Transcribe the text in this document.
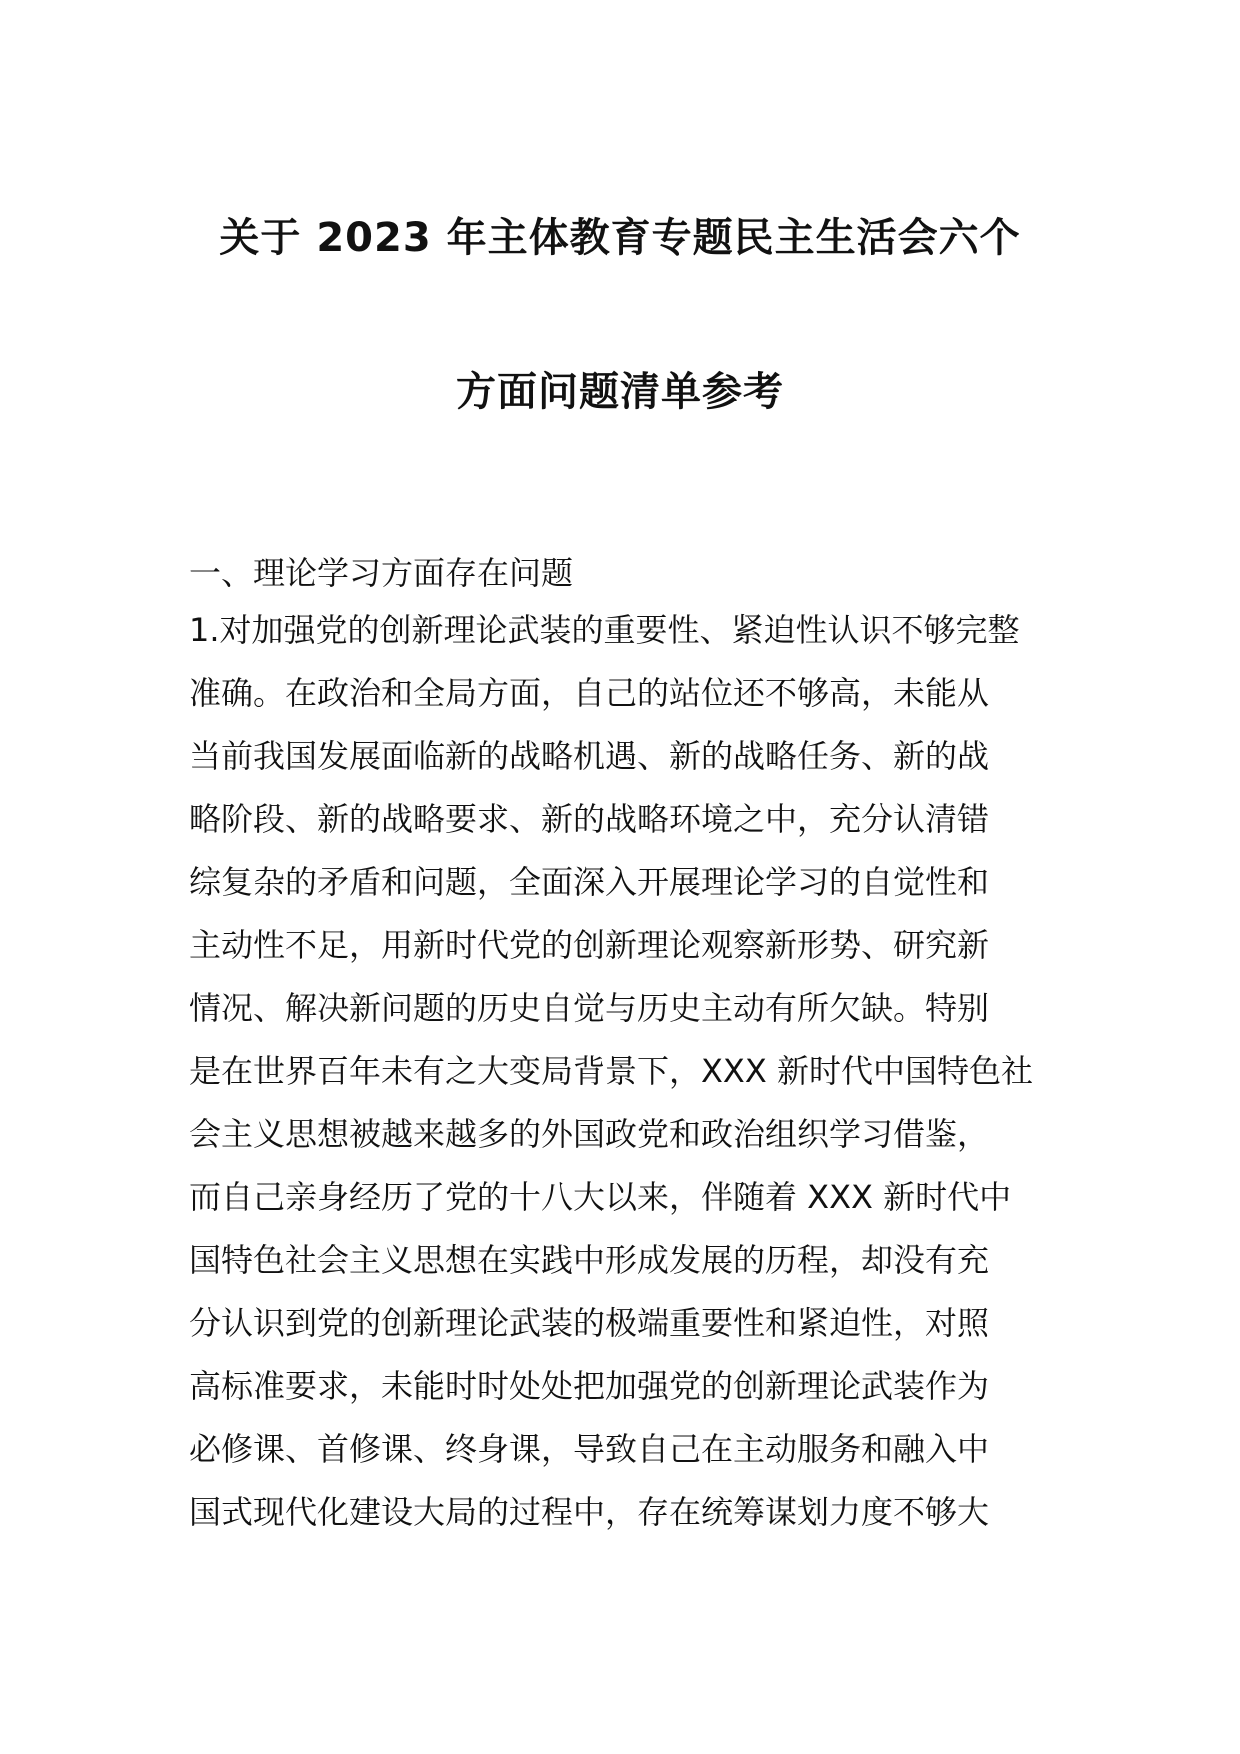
关于 2023 年主体教育专题民主生活会六个
方面问题清单参考
一、理论学习方面存在问题
1.对加强党的创新理论武装的重要性、紧迫性认识不够完整
准确。在政治和全局方面，自己的站位还不够高，未能从
当前我国发展面临新的战略机遇、新的战略任务、新的战
略阶段、新的战略要求、新的战略环境之中，充分认清错
综复杂的矛盾和问题，全面深入开展理论学习的自觉性和
主动性不足，用新时代党的创新理论观察新形势、研究新
情况、解决新问题的历史自觉与历史主动有所欠缺。特别
是在世界百年未有之大变局背景下，XXX 新时代中国特色社
会主义思想被越来越多的外国政党和政治组织学习借鉴，
而自己亲身经历了党的十八大以来，伴随着 XXX 新时代中
国特色社会主义思想在实践中形成发展的历程，却没有充
分认识到党的创新理论武装的极端重要性和紧迫性，对照
高标准要求，未能时时处处把加强党的创新理论武装作为
必修课、首修课、终身课，导致自己在主动服务和融入中
国式现代化建设大局的过程中，存在统筹谋划力度不够大
